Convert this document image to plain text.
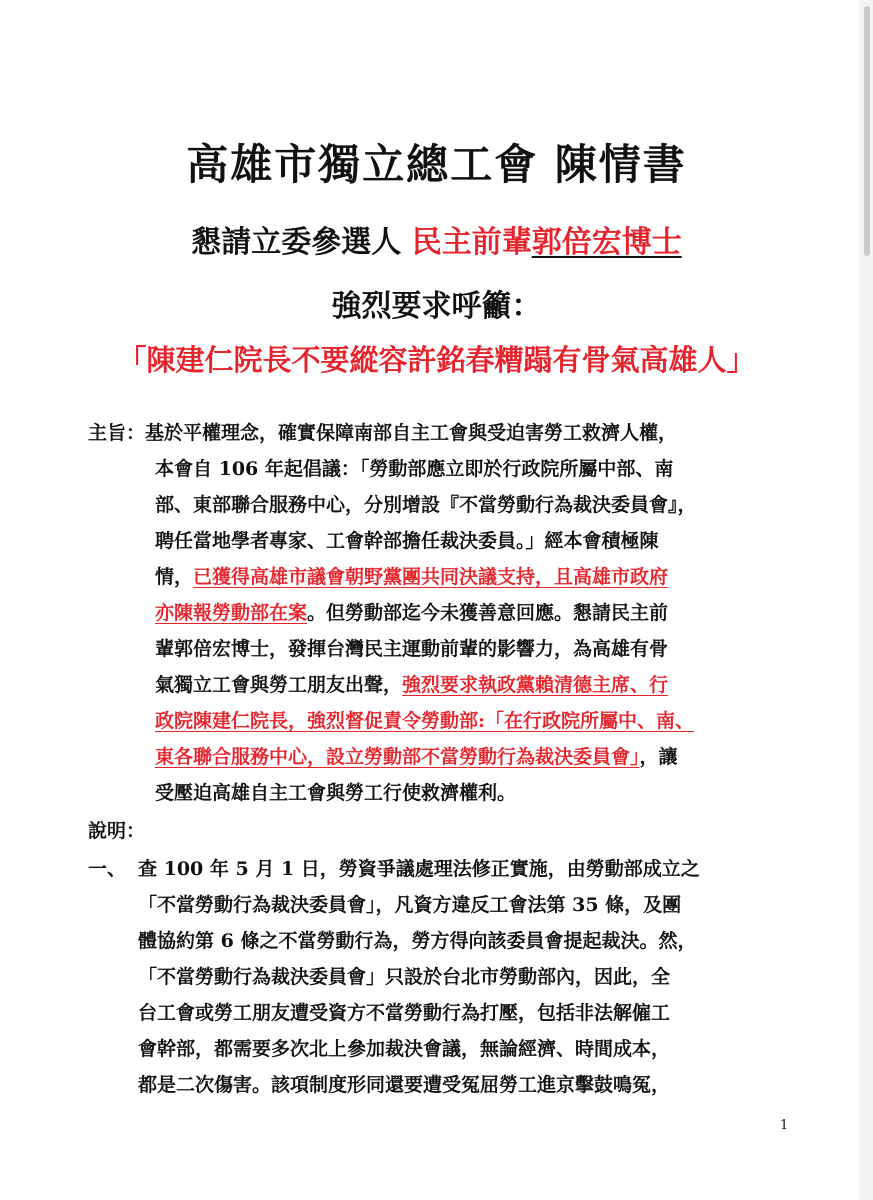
高雄市獨立總工會 陳情書
懇請立委參選人 民主前輩郭倍宏博士
強烈要求呼籲：
「陳建仁院長不要縱容許銘春糟蹋有骨氣高雄人」
主旨：基於平權理念，確實保障南部自主工會與受迫害勞工救濟人權，
本會自 106 年起倡議：「勞動部應立即於行政院所屬中部、南
部、東部聯合服務中心，分別增設『不當勞動行為裁決委員會』，
聘任當地學者專家、工會幹部擔任裁決委員。」經本會積極陳
情，已獲得高雄市議會朝野黨團共同決議支持，且高雄市政府
亦陳報勞動部在案。但勞動部迄今未獲善意回應。懇請民主前
輩郭倍宏博士，發揮台灣民主運動前輩的影響力，為高雄有骨
氣獨立工會與勞工朋友出聲，強烈要求執政黨賴清德主席、行
政院陳建仁院長，強烈督促責令勞動部:「在行政院所屬中、南、
東各聯合服務中心，設立勞動部不當勞動行為裁決委員會」，讓
受壓迫高雄自主工會與勞工行使救濟權利。
說明：
一、 查 100 年 5 月 1 日，勞資爭議處理法修正實施，由勞動部成立之
「不當勞動行為裁決委員會」，凡資方違反工會法第 35 條，及團
體協約第 6 條之不當勞動行為，勞方得向該委員會提起裁決。然，
「不當勞動行為裁決委員會」只設於台北市勞動部內，因此，全
台工會或勞工朋友遭受資方不當勞動行為打壓，包括非法解僱工
會幹部，都需要多次北上參加裁決會議，無論經濟、時間成本，
都是二次傷害。該項制度形同還要遭受冤屈勞工進京擊鼓鳴冤，
1
